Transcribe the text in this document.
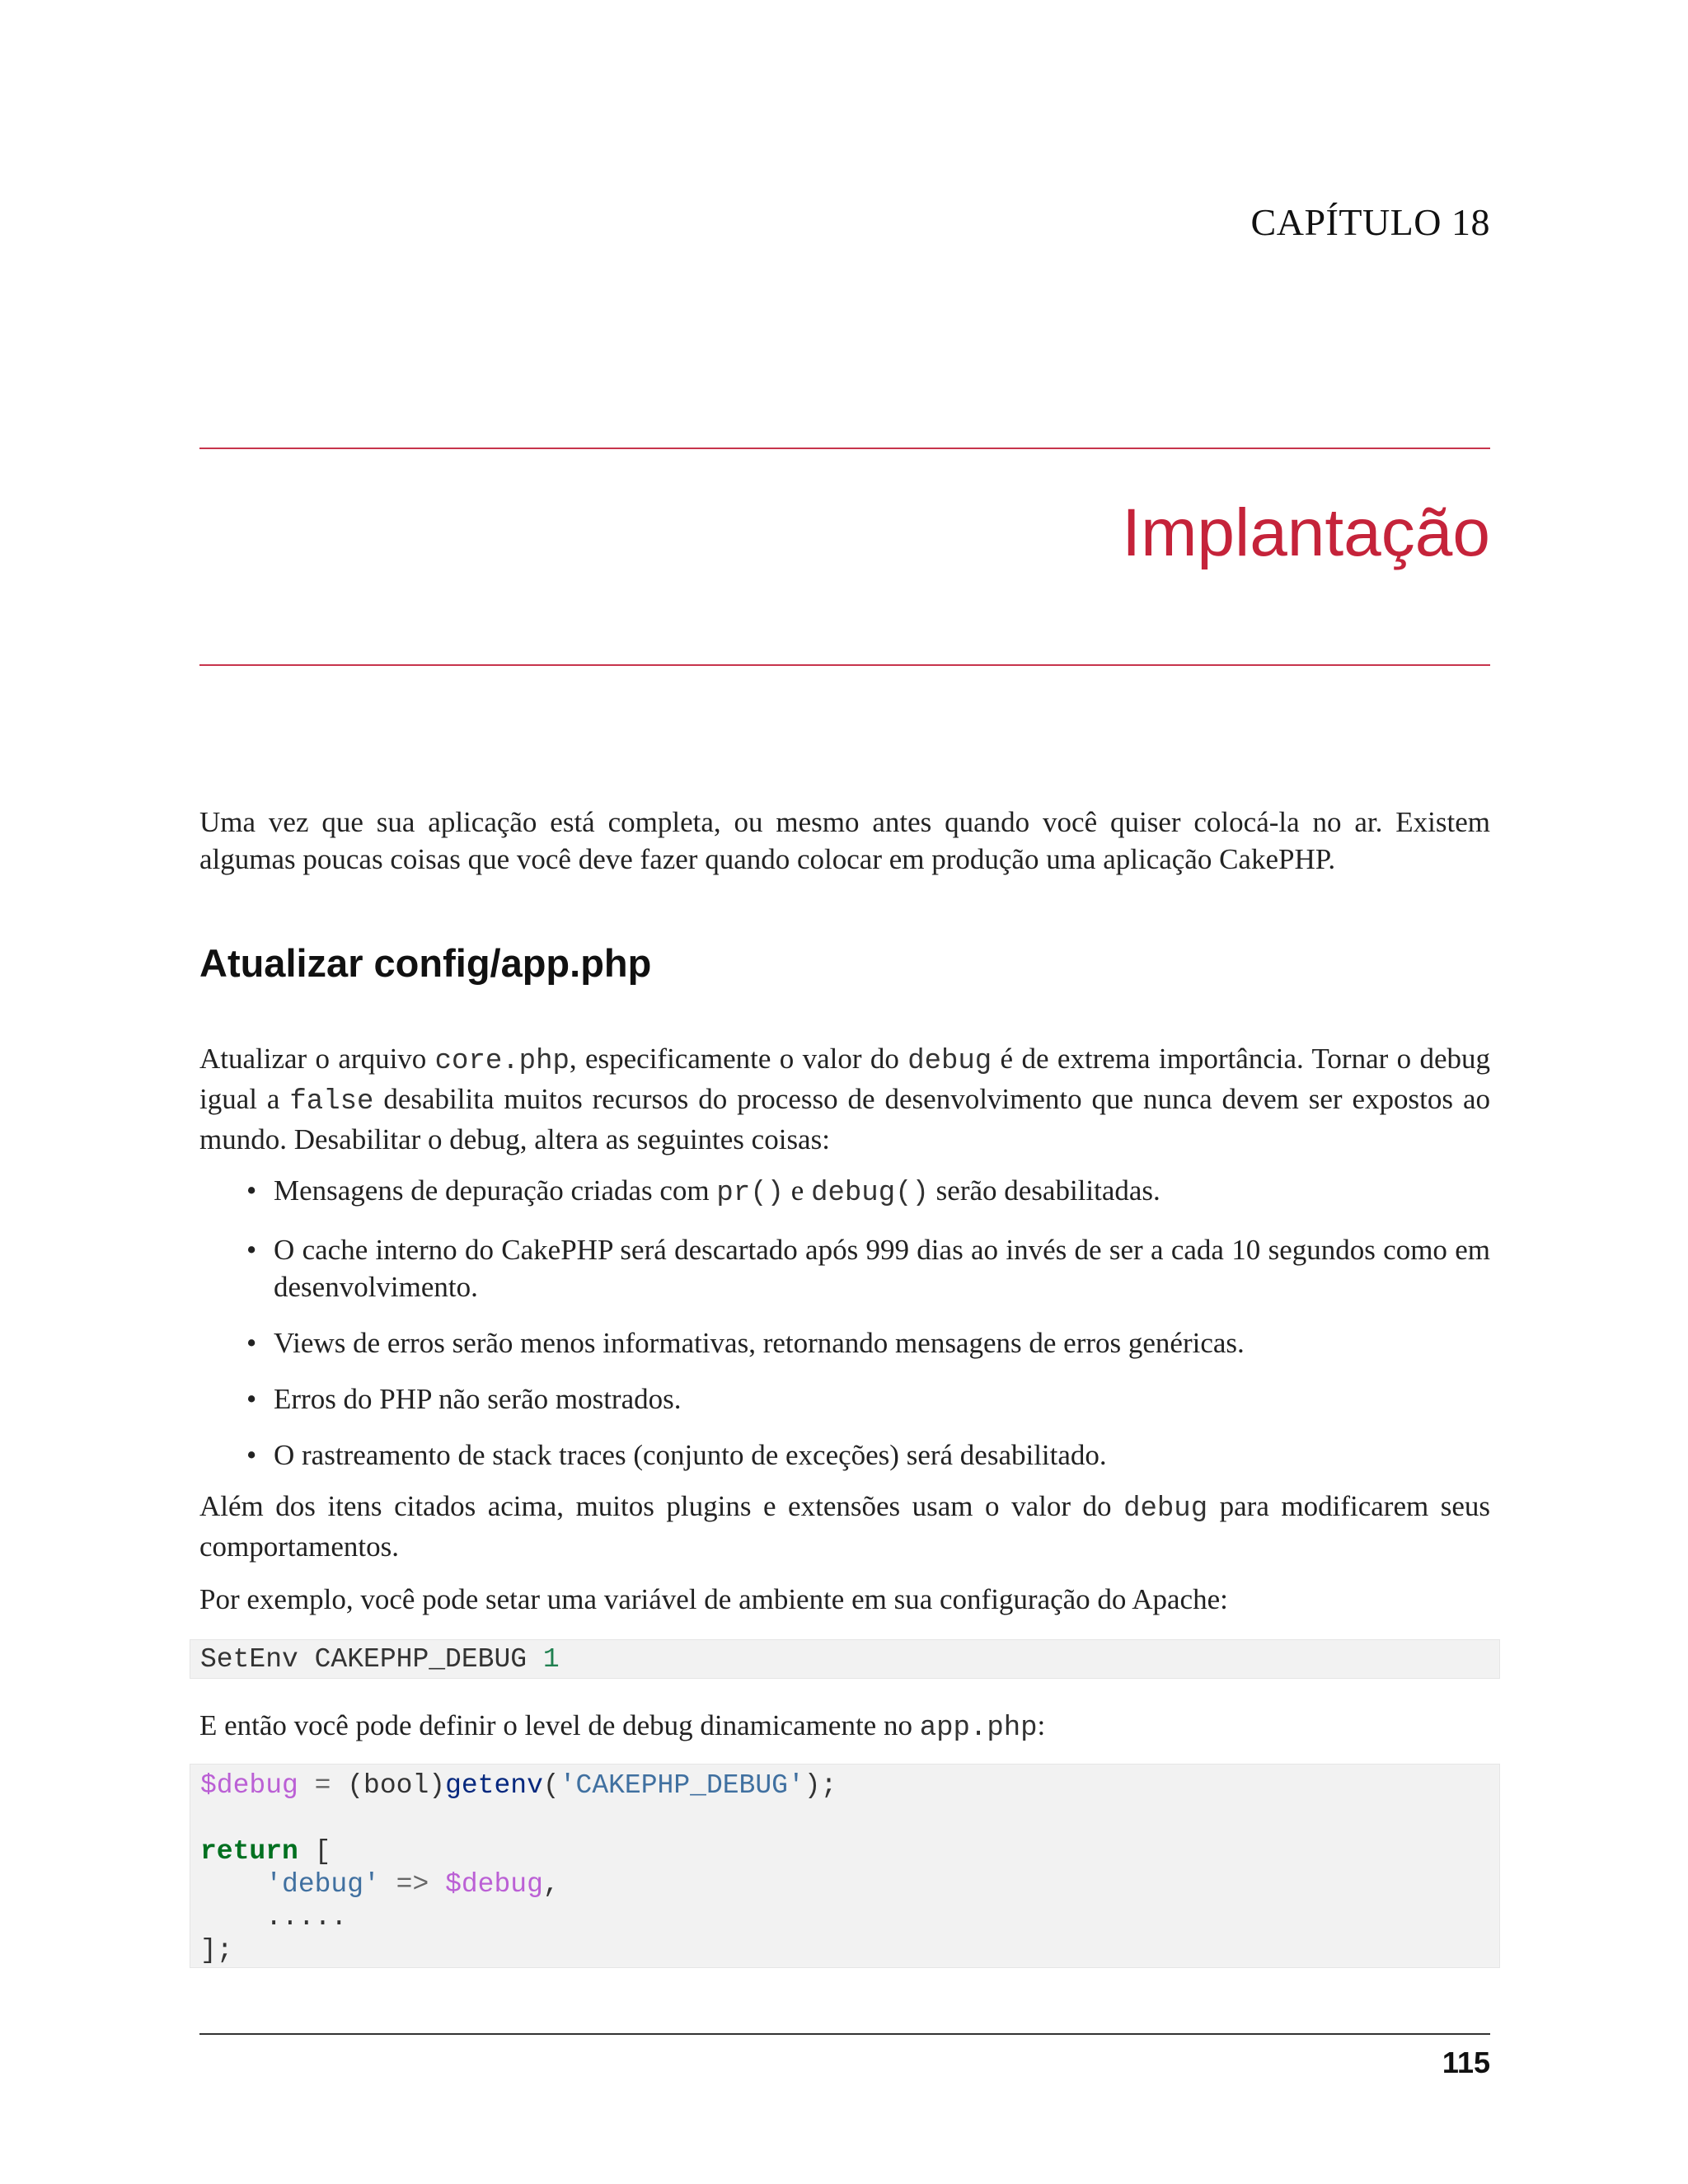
CAPÍTULO 18
Implantação

Uma vez que sua aplicação está completa, ou mesmo antes quando você quiser colocá-la no ar. Existem algumas poucas coisas que você deve fazer quando colocar em produção uma aplicação CakePHP.

Atualizar config/app.php

Atualizar o arquivo core.php, especificamente o valor do debug é de extrema importância. Tornar o debug igual a false desabilita muitos recursos do processo de desenvolvimento que nunca devem ser expostos ao mundo. Desabilitar o debug, altera as seguintes coisas:

• Mensagens de depuração criadas com pr() e debug() serão desabilitadas.
• O cache interno do CakePHP será descartado após 999 dias ao invés de ser a cada 10 segundos como em desenvolvimento.
• Views de erros serão menos informativas, retornando mensagens de erros genéricas.
• Erros do PHP não serão mostrados.
• O rastreamento de stack traces (conjunto de exceções) será desabilitado.

Além dos itens citados acima, muitos plugins e extensões usam o valor do debug para modificarem seus comportamentos.

Por exemplo, você pode setar uma variável de ambiente em sua configuração do Apache:

SetEnv CAKEPHP_DEBUG 1

E então você pode definir o level de debug dinamicamente no app.php:

$debug = (bool)getenv('CAKEPHP_DEBUG');

return [
'debug' => $debug,
.....
];
115
